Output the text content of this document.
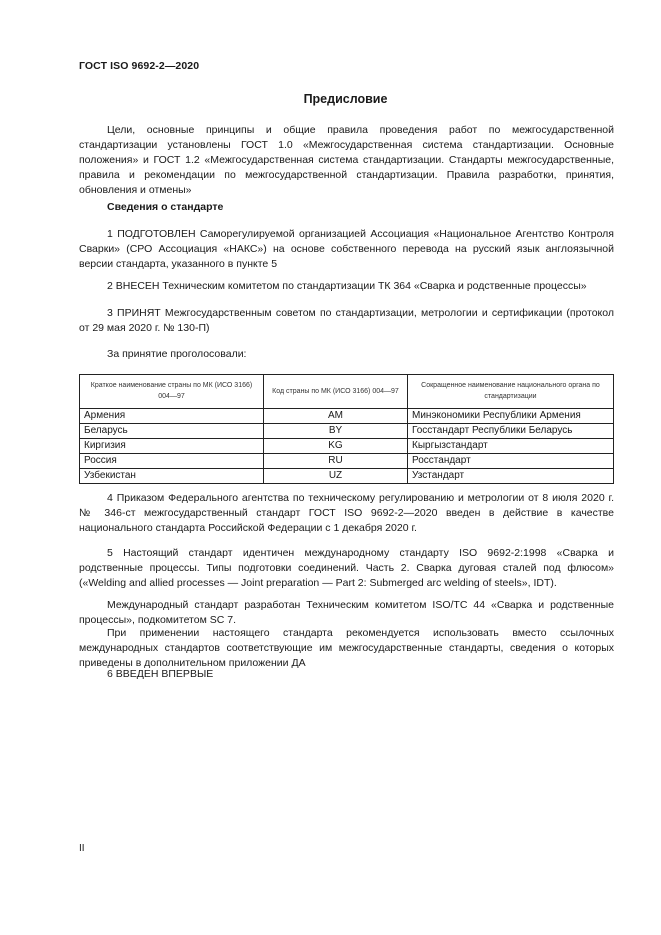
ГОСТ ISO 9692-2—2020
Предисловие

Цели, основные принципы и общие правила проведения работ по межгосударственной стандартизации установлены ГОСТ 1.0 «Межгосударственная система стандартизации. Основные положения» и ГОСТ 1.2 «Межгосударственная система стандартизации. Стандарты межгосударственные, правила и рекомендации по межгосударственной стандартизации. Правила разработки, принятия, обновления и отмены»

Сведения о стандарте

1 ПОДГОТОВЛЕН Саморегулируемой организацией Ассоциация «Национальное Агентство Контроля Сварки» (СРО Ассоциация «НАКС») на основе собственного перевода на русский язык англоязычной версии стандарта, указанного в пункте 5

2 ВНЕСЕН Техническим комитетом по стандартизации ТК 364 «Сварка и родственные процессы»

3 ПРИНЯТ Межгосударственным советом по стандартизации, метрологии и сертификации (протокол от 29 мая 2020 г. № 130-П)

За принятие проголосовали:

Краткое наименование страны по МК (ИСО 3166) 004—97	Код страны по МК (ИСО 3166) 004—97	Сокращенное наименование национального органа по стандартизации
Армения	AM	Минэкономики Республики Армения
Беларусь	BY	Госстандарт Республики Беларусь
Киргизия	KG	Кыргызстандарт
Россия	RU	Росстандарт
Узбекистан	UZ	Узстандарт

4 Приказом Федерального агентства по техническому регулированию и метрологии от 8 июля 2020 г. № 346-ст межгосударственный стандарт ГОСТ ISO 9692-2—2020 введен в действие в качестве национального стандарта Российской Федерации с 1 декабря 2020 г.

5 Настоящий стандарт идентичен международному стандарту ISO 9692-2:1998 «Сварка и родственные процессы. Типы подготовки соединений. Часть 2. Сварка дуговая сталей под флюсом» («Welding and allied processes — Joint preparation — Part 2: Submerged arc welding of steels», IDT).

Международный стандарт разработан Техническим комитетом ISO/TC 44 «Сварка и родственные процессы», подкомитетом SC 7.

При применении настоящего стандарта рекомендуется использовать вместо ссылочных международных стандартов соответствующие им межгосударственные стандарты, сведения о которых приведены в дополнительном приложении ДА

6 ВВЕДЕН ВПЕРВЫЕ

II
